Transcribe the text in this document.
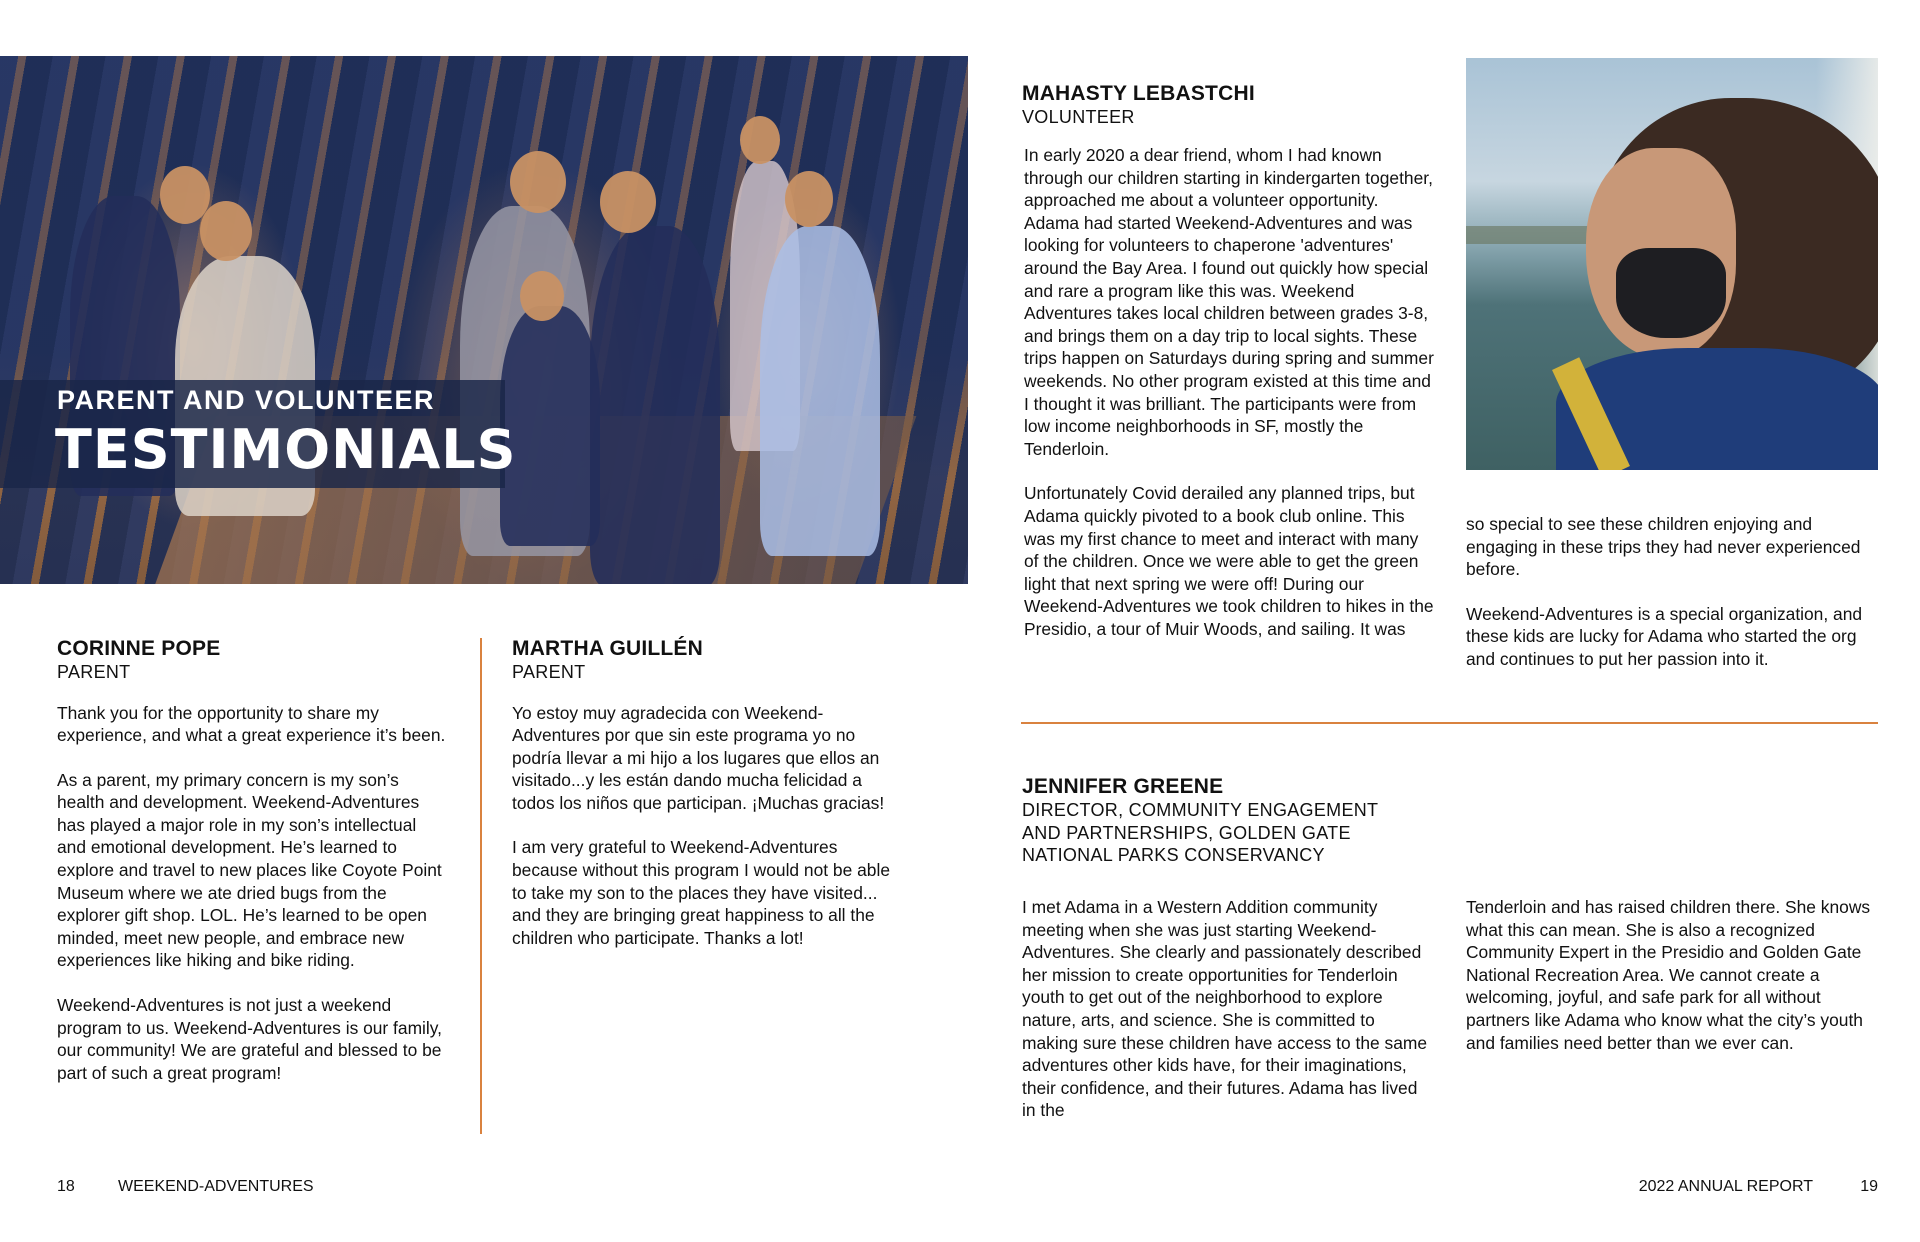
PARENT AND VOLUNTEER
TESTIMONIALS
CORINNE POPE
PARENT

Thank you for the opportunity to share my experience, and what a great experience it’s been.

As a parent, my primary concern is my son’s health and development. Weekend-Adventures has played a major role in my son’s intellectual and emotional development. He’s learned to explore and travel to new places like Coyote Point Museum where we ate dried bugs from the explorer gift shop. LOL. He’s learned to be open minded, meet new people, and embrace new experiences like hiking and bike riding.

Weekend-Adventures is not just a weekend program to us. Weekend-Adventures is our family, our community! We are grateful and blessed to be part of such a great program!

MARTHA GUILLÉN
PARENT

Yo estoy muy agradecida con Weekend-Adventures por que sin este programa yo no podría llevar a mi hijo a los lugares que ellos an visitado...y les están dando mucha felicidad a todos los niños que participan. ¡Muchas gracias!

I am very grateful to Weekend-Adventures because without this program I would not be able to take my son to the places they have visited... and they are bringing great happiness to all the children who participate. Thanks a lot!

MAHASTY LEBASTCHI
VOLUNTEER

In early 2020 a dear friend, whom I had known through our children starting in kindergarten together, approached me about a volunteer opportunity. Adama had started Weekend-Adventures and was looking for volunteers to chaperone 'adventures' around the Bay Area. I found out quickly how special and rare a program like this was. Weekend Adventures takes local children between grades 3-8, and brings them on a day trip to local sights. These trips happen on Saturdays during spring and summer weekends. No other program existed at this time and I thought it was brilliant. The participants were from low income neighborhoods in SF, mostly the Tenderloin.

Unfortunately Covid derailed any planned trips, but Adama quickly pivoted to a book club online. This was my first chance to meet and interact with many of the children. Once we were able to get the green light that next spring we were off! During our Weekend-Adventures we took children to hikes in the Presidio, a tour of Muir Woods, and sailing. It was

so special to see these children enjoying and engaging in these trips they had never experienced before.

Weekend-Adventures is a special organization, and these kids are lucky for Adama who started the org and continues to put her passion into it.

JENNIFER GREENE
DIRECTOR, COMMUNITY ENGAGEMENT
AND PARTNERSHIPS, GOLDEN GATE
NATIONAL PARKS CONSERVANCY

I met Adama in a Western Addition community meeting when she was just starting Weekend-Adventures. She clearly and passionately described her mission to create opportunities for Tenderloin youth to get out of the neighborhood to explore nature, arts, and science. She is committed to making sure these children have access to the same adventures other kids have, for their imaginations, their confidence, and their futures. Adama has lived in the

Tenderloin and has raised children there. She knows what this can mean. She is also a recognized Community Expert in the Presidio and Golden Gate National Recreation Area. We cannot create a welcoming, joyful, and safe park for all without partners like Adama who know what the city’s youth and families need better than we ever can.

18	WEEKEND-ADVENTURES	2022 ANNUAL REPORT	19
